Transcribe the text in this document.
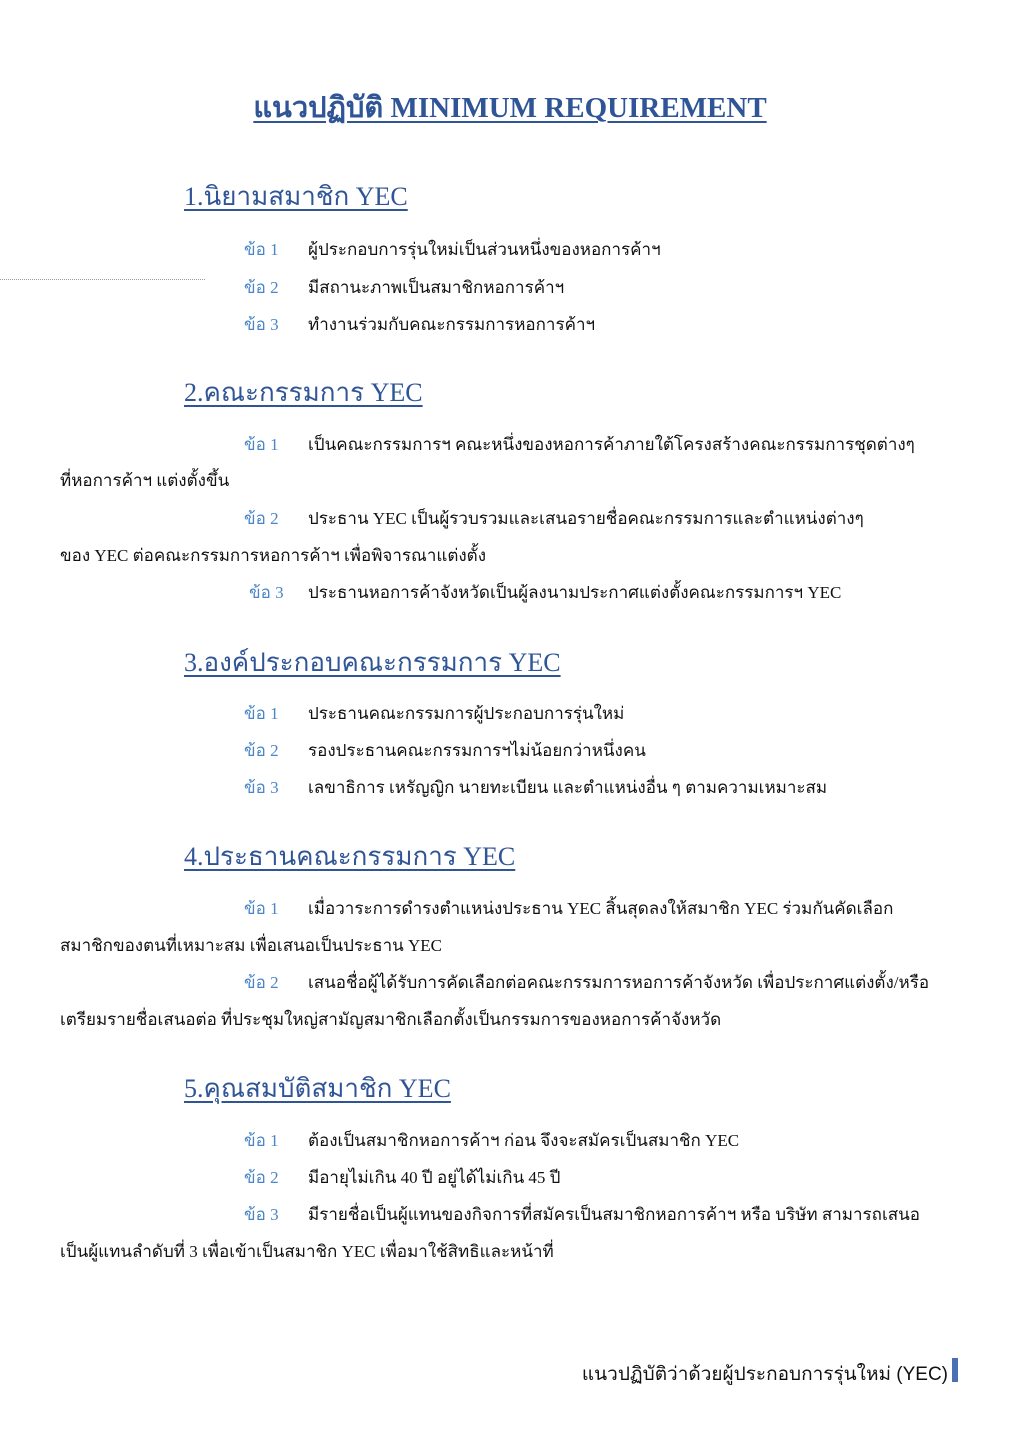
แนวปฏิบัติ MINIMUM REQUIREMENT
1.นิยามสมาชิก YEC
ข้อ 1 ผู้ประกอบการรุ่นใหม่เป็นส่วนหนึ่งของหอการค้าฯ
ข้อ 2 มีสถานะภาพเป็นสมาชิกหอการค้าฯ
ข้อ 3 ทำงานร่วมกับคณะกรรมการหอการค้าฯ
2.คณะกรรมการ YEC
ข้อ 1 เป็นคณะกรรมการฯ คณะหนึ่งของหอการค้าภายใต้โครงสร้างคณะกรรมการชุดต่างๆ
ที่หอการค้าฯ แต่งตั้งขึ้น
ข้อ 2 ประธาน YEC เป็นผู้รวบรวมและเสนอรายชื่อคณะกรรมการและตำแหน่งต่างๆ
ของ YEC ต่อคณะกรรมการหอการค้าฯ เพื่อพิจารณาแต่งตั้ง
ข้อ 3 ประธานหอการค้าจังหวัดเป็นผู้ลงนามประกาศแต่งตั้งคณะกรรมการฯ YEC
3.องค์ประกอบคณะกรรมการ YEC
ข้อ 1 ประธานคณะกรรมการผู้ประกอบการรุ่นใหม่
ข้อ 2 รองประธานคณะกรรมการฯไม่น้อยกว่าหนึ่งคน
ข้อ 3 เลขาธิการ เหรัญญิก นายทะเบียน และตำแหน่งอื่น ๆ ตามความเหมาะสม
4.ประธานคณะกรรมการ YEC
ข้อ 1 เมื่อวาระการดำรงตำแหน่งประธาน YEC สิ้นสุดลงให้สมาชิก YEC ร่วมกันคัดเลือก
สมาชิกของตนที่เหมาะสม เพื่อเสนอเป็นประธาน YEC
ข้อ 2 เสนอชื่อผู้ได้รับการคัดเลือกต่อคณะกรรมการหอการค้าจังหวัด เพื่อประกาศแต่งตั้ง/หรือ
เตรียมรายชื่อเสนอต่อ ที่ประชุมใหญ่สามัญสมาชิกเลือกตั้งเป็นกรรมการของหอการค้าจังหวัด
5.คุณสมบัติสมาชิก YEC
ข้อ 1 ต้องเป็นสมาชิกหอการค้าฯ ก่อน จึงจะสมัครเป็นสมาชิก YEC
ข้อ 2 มีอายุไม่เกิน 40 ปี อยู่ได้ไม่เกิน 45 ปี
ข้อ 3 มีรายชื่อเป็นผู้แทนของกิจการที่สมัครเป็นสมาชิกหอการค้าฯ หรือ บริษัท สามารถเสนอ
เป็นผู้แทนลำดับที่ 3 เพื่อเข้าเป็นสมาชิก YEC เพื่อมาใช้สิทธิและหน้าที่
แนวปฏิบัติว่าด้วยผู้ประกอบการรุ่นใหม่ (YEC)
